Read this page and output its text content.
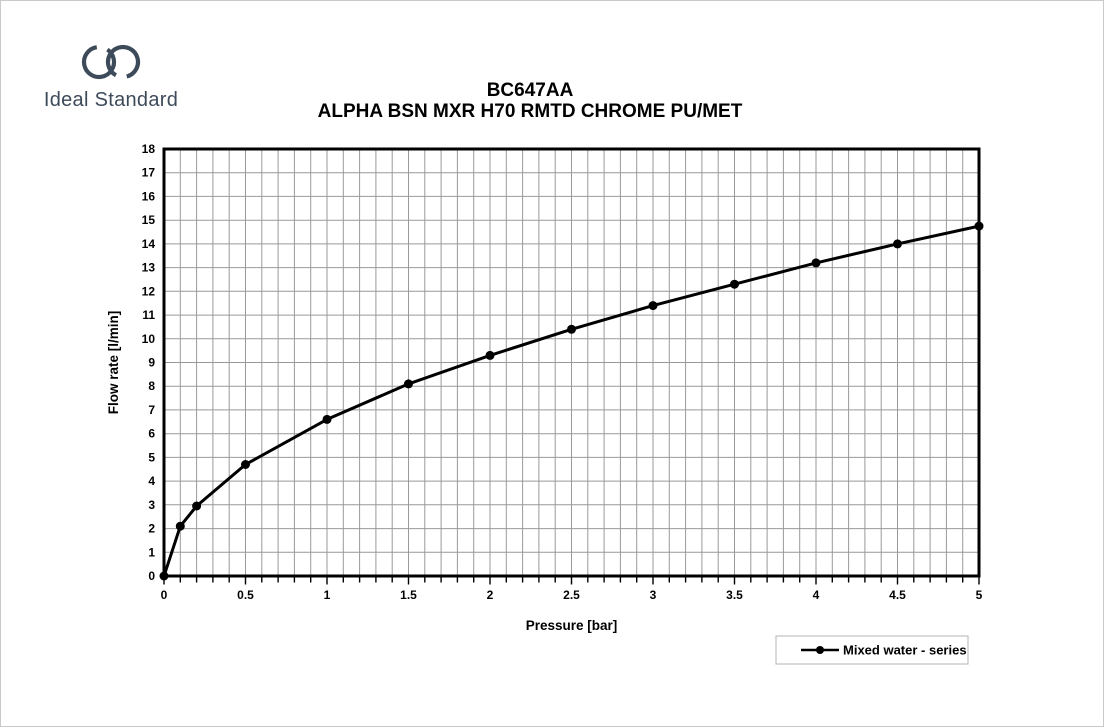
Ideal Standard	BC647AA
ALPHA BSN MXR H70 RMTD CHROME PU/MET
0	0.5	1	1.5	2	2.5	3	3.5	4	4.5	5
0
1
2
3
4
5
6
7
8
9
10
11
12
13
14
15
16
17
18
Pressure [bar]
Flow rate [l/min]
Mixed water - series
